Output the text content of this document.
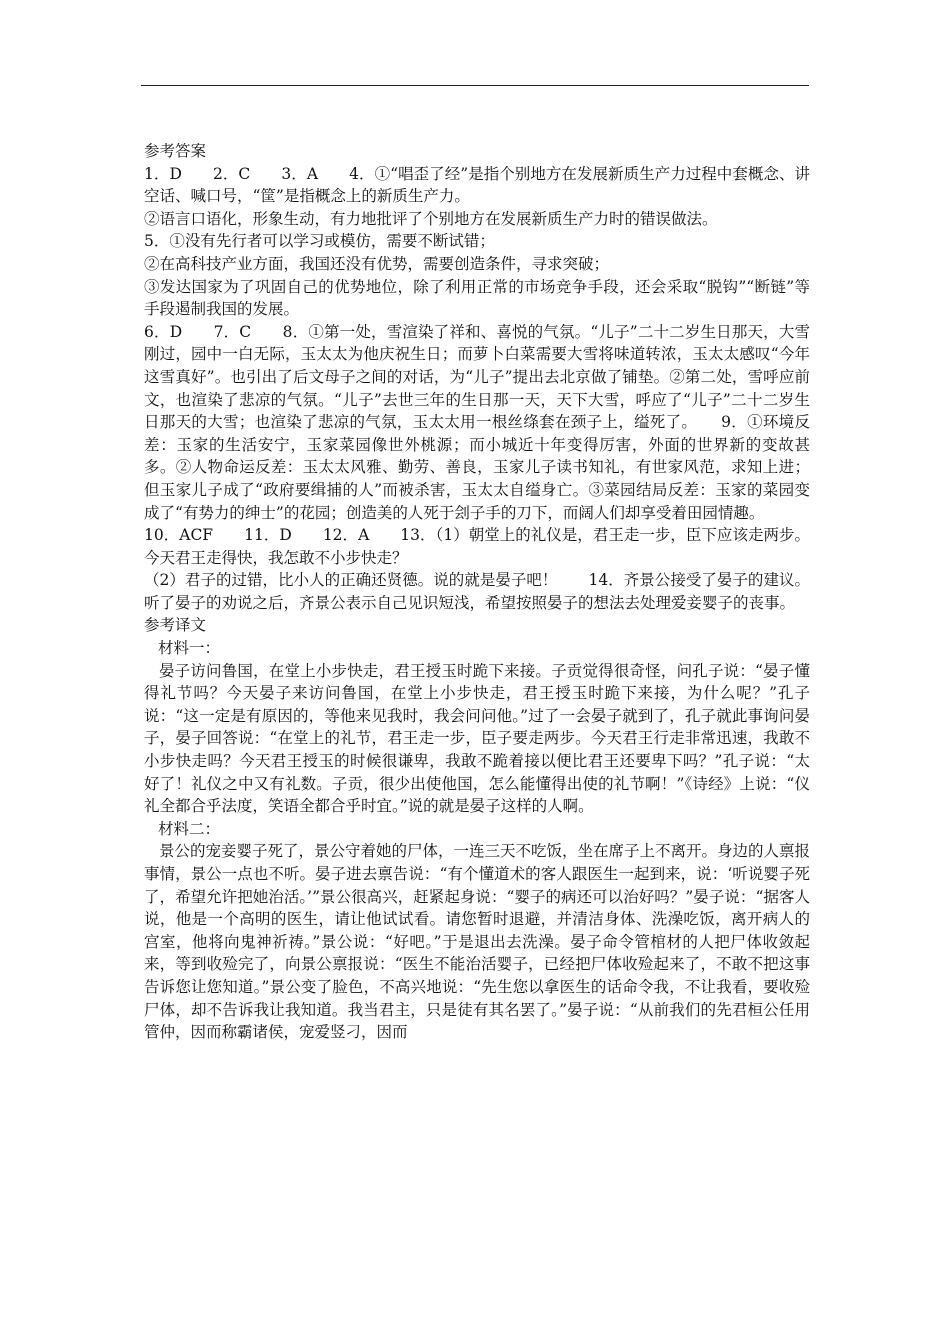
参考答案

1．D　　2．C　　3．A　　4．①“唱歪了经”是指个别地方在发展新质生产力过程中套概念、讲空话、喊口号，“筐”是指概念上的新质生产力。

②语言口语化，形象生动，有力地批评了个别地方在发展新质生产力时的错误做法。

5．①没有先行者可以学习或模仿，需要不断试错；

②在高科技产业方面，我国还没有优势，需要创造条件，寻求突破；

③发达国家为了巩固自己的优势地位，除了利用正常的市场竞争手段，还会采取“脱钩”“断链”等手段遏制我国的发展。

6．D　　7．C　　8．①第一处，雪渲染了祥和、喜悦的气氛。“儿子”二十二岁生日那天，大雪刚过，园中一白无际，玉太太为他庆祝生日；而萝卜白菜需要大雪将味道转浓，玉太太感叹“今年这雪真好”。也引出了后文母子之间的对话，为“儿子”提出去北京做了铺垫。②第二处，雪呼应前文，也渲染了悲凉的气氛。“儿子”去世三年的生日那一天，天下大雪，呼应了“儿子”二十二岁生日那天的大雪；也渲染了悲凉的气氛，玉太太用一根丝绦套在颈子上，缢死了。　　9．①环境反差：玉家的生活安宁，玉家菜园像世外桃源；而小城近十年变得厉害，外面的世界新的变故甚多。②人物命运反差：玉太太风雅、勤劳、善良，玉家儿子读书知礼，有世家风范，求知上进；但玉家儿子成了“政府要缉捕的人”而被杀害，玉太太自缢身亡。③菜园结局反差：玉家的菜园变成了“有势力的绅士”的花园；创造美的人死于刽子手的刀下，而阔人们却享受着田园情趣。

10．ACF　　11．D　　12．A　　13．（1）朝堂上的礼仪是，君王走一步，臣下应该走两步。今天君王走得快，我怎敢不小步快走？

（2）君子的过错，比小人的正确还贤德。说的就是晏子吧！　　14．齐景公接受了晏子的建议。听了晏子的劝说之后，齐景公表示自己见识短浅，希望按照晏子的想法去处理爱妾婴子的丧事。

参考译文

材料一：

晏子访问鲁国，在堂上小步快走，君王授玉时跪下来接。子贡觉得很奇怪，问孔子说：“晏子懂得礼节吗？今天晏子来访问鲁国，在堂上小步快走，君王授玉时跪下来接，为什么呢？”孔子说：“这一定是有原因的，等他来见我时，我会问问他。”过了一会晏子就到了，孔子就此事询问晏子，晏子回答说：“在堂上的礼节，君王走一步，臣子要走两步。今天君王行走非常迅速，我敢不小步快走吗？今天君王授玉的时候很谦卑，我敢不跪着接以便比君王还要卑下吗？”孔子说：“太好了！礼仪之中又有礼数。子贡，很少出使他国，怎么能懂得出使的礼节啊！”《诗经》上说：“仪礼全都合乎法度，笑语全都合乎时宜。”说的就是晏子这样的人啊。

材料二：

景公的宠妾婴子死了，景公守着她的尸体，一连三天不吃饭，坐在席子上不离开。身边的人禀报事情，景公一点也不听。晏子进去禀告说：“有个懂道术的客人跟医生一起到来，说：‘听说婴子死了，希望允许把她治活。’”景公很高兴，赶紧起身说：“婴子的病还可以治好吗？”晏子说：“据客人说，他是一个高明的医生，请让他试试看。请您暂时退避，并清洁身体、洗澡吃饭，离开病人的宫室，他将向鬼神祈祷。”景公说：“好吧。”于是退出去洗澡。晏子命令管棺材的人把尸体收敛起来，等到收殓完了，向景公禀报说：“医生不能治活婴子，已经把尸体收殓起来了，不敢不把这事告诉您让您知道。”景公变了脸色，不高兴地说：“先生您以拿医生的话命令我，不让我看，要收殓尸体，却不告诉我让我知道。我当君主，只是徒有其名罢了。”晏子说：“从前我们的先君桓公任用管仲，因而称霸诸侯，宠爱竖刁，因而
